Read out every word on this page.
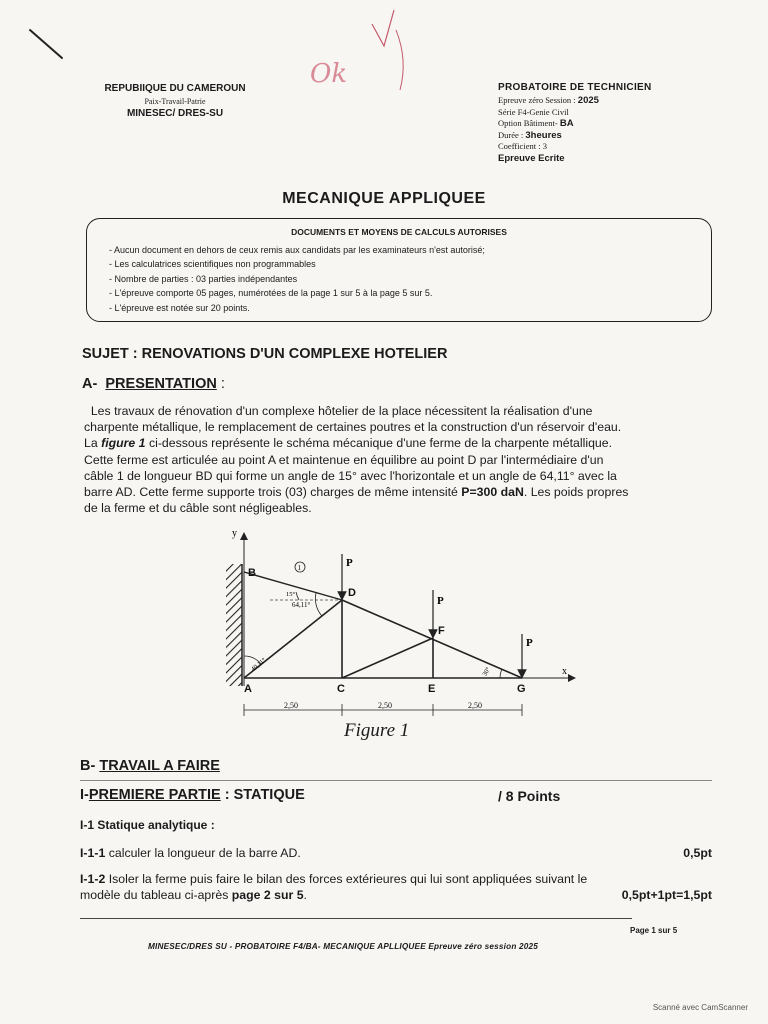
Ok
REPUBIIQUE DU CAMEROUN
Paix-Travail-Patrie
MINESEC/ DRES-SU
PROBATOIRE DE TECHNICIEN
Epreuve zéro Session : 2025
Série F4-Genie Civil
Option Bâtiment- BA
Durée : 3heures
Coefficient : 3
Epreuve Ecrite
MECANIQUE APPLIQUEE
DOCUMENTS ET MOYENS DE CALCULS AUTORISES
- Aucun document en dehors de ceux remis aux candidats par les examinateurs n'est autorisé;
- Les calculatrices scientifiques non programmables
- Nombre de parties : 03 parties indépendantes
- L'épreuve comporte 05 pages, numérotées de la page 1 sur 5 à la page 5 sur 5.
- L'épreuve est notée sur 20 points.
SUJET : RENOVATIONS D'UN COMPLEXE HOTELIER
A- PRESENTATION :
Les travaux de rénovation d'un complexe hôtelier de la place nécessitent la réalisation d'une
charpente métallique, le remplacement de certaines poutres et la construction d'un réservoir d'eau.
La figure 1 ci-dessous représente le schéma mécanique d'une ferme de la charpente métallique.
Cette ferme est articulée au point A et maintenue en équilibre au point D par l'intermédiaire d'un
câble 1 de longueur BD qui forme un angle de 15° avec l'horizontale et un angle de 64,11° avec la
barre AD. Cette ferme supporte trois (03) charges de même intensité P=300 daN. Les poids propres
de la ferme et du câble sont négligeables.
y
x
1
15°
64,11°
40,11°	30°
P
P
P
B
D
F
A	C	E	G
2,50	2,50	2,50
Figure 1
B- TRAVAIL A FAIRE
I-PREMIERE PARTIE : STATIQUE	/ 8 Points
I-1 Statique analytique :
I-1-1 calculer la longueur de la barre AD.	0,5pt
I-1-2 Isoler la ferme puis faire le bilan des forces extérieures qui lui sont appliquées suivant le
modèle du tableau ci-après page 2 sur 5.	0,5pt+1pt=1,5pt
Page 1 sur 5
MINESEC/DRES SU - PROBATOIRE F4/BA- MECANIQUE APLLIQUEE Epreuve zéro session 2025
Scanné avec CamScanner
